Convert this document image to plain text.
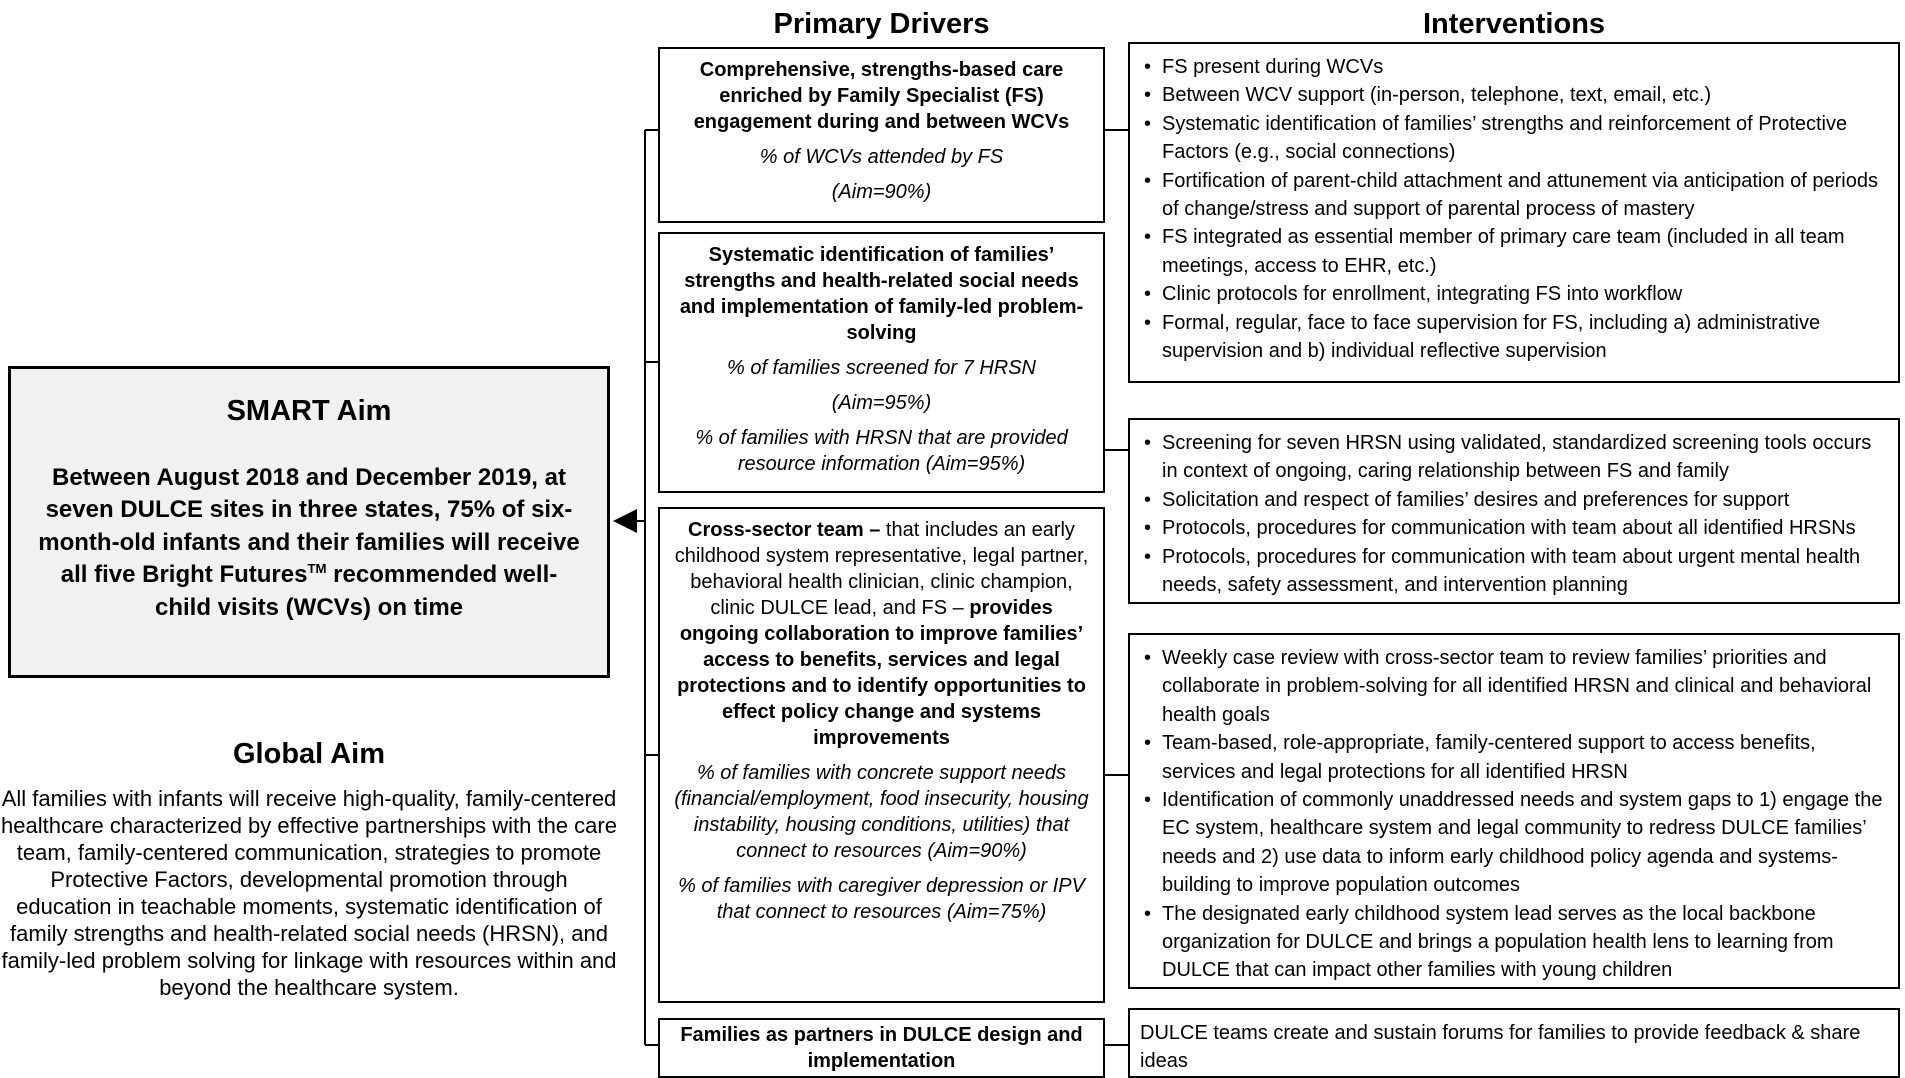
Primary Drivers	Interventions
SMART Aim

Between August 2018 and December 2019, at seven DULCE sites in three states, 75% of six-month-old infants and their families will receive all five Bright Futures™ recommended well-child visits (WCVs) on time

Global Aim

All families with infants will receive high-quality, family-centered healthcare characterized by effective partnerships with the care team, family-centered communication, strategies to promote Protective Factors, developmental promotion through education in teachable moments, systematic identification of family strengths and health-related social needs (HRSN), and family-led problem solving for linkage with resources within and beyond the healthcare system.

Comprehensive, strengths-based care enriched by Family Specialist (FS) engagement during and between WCVs

% of WCVs attended by FS

(Aim=90%)

Systematic identification of families’ strengths and health-related social needs and implementation of family-led problem-solving

% of families screened for 7 HRSN

(Aim=95%)

% of families with HRSN that are provided resource information (Aim=95%)

Cross-sector team – that includes an early childhood system representative, legal partner, behavioral health clinician, clinic champion, clinic DULCE lead, and FS – provides ongoing collaboration to improve families’ access to benefits, services and legal protections and to identify opportunities to effect policy change and systems improvements

% of families with concrete support needs (financial/employment, food insecurity, housing instability, housing conditions, utilities) that connect to resources (Aim=90%)

% of families with caregiver depression or IPV that connect to resources (Aim=75%)

Families as partners in DULCE design and implementation

• FS present during WCVs
• Between WCV support (in-person, telephone, text, email, etc.)
• Systematic identification of families’ strengths and reinforcement of Protective Factors (e.g., social connections)
• Fortification of parent-child attachment and attunement via anticipation of periods of change/stress and support of parental process of mastery
• FS integrated as essential member of primary care team (included in all team meetings, access to EHR, etc.)
• Clinic protocols for enrollment, integrating FS into workflow
• Formal, regular, face to face supervision for FS, including a) administrative supervision and b) individual reflective supervision
• Screening for seven HRSN using validated, standardized screening tools occurs in context of ongoing, caring relationship between FS and family
• Solicitation and respect of families’ desires and preferences for support
• Protocols, procedures for communication with team about all identified HRSNs
• Protocols, procedures for communication with team about urgent mental health needs, safety assessment, and intervention planning
• Weekly case review with cross-sector team to review families’ priorities and collaborate in problem-solving for all identified HRSN and clinical and behavioral health goals
• Team-based, role-appropriate, family-centered support to access benefits, services and legal protections for all identified HRSN
• Identification of commonly unaddressed needs and system gaps to 1) engage the EC system, healthcare system and legal community to redress DULCE families’ needs and 2) use data to inform early childhood policy agenda and systems-building to improve population outcomes
• The designated early childhood system lead serves as the local backbone organization for DULCE and brings a population health lens to learning from DULCE that can impact other families with young children

DULCE teams create and sustain forums for families to provide feedback & share ideas
